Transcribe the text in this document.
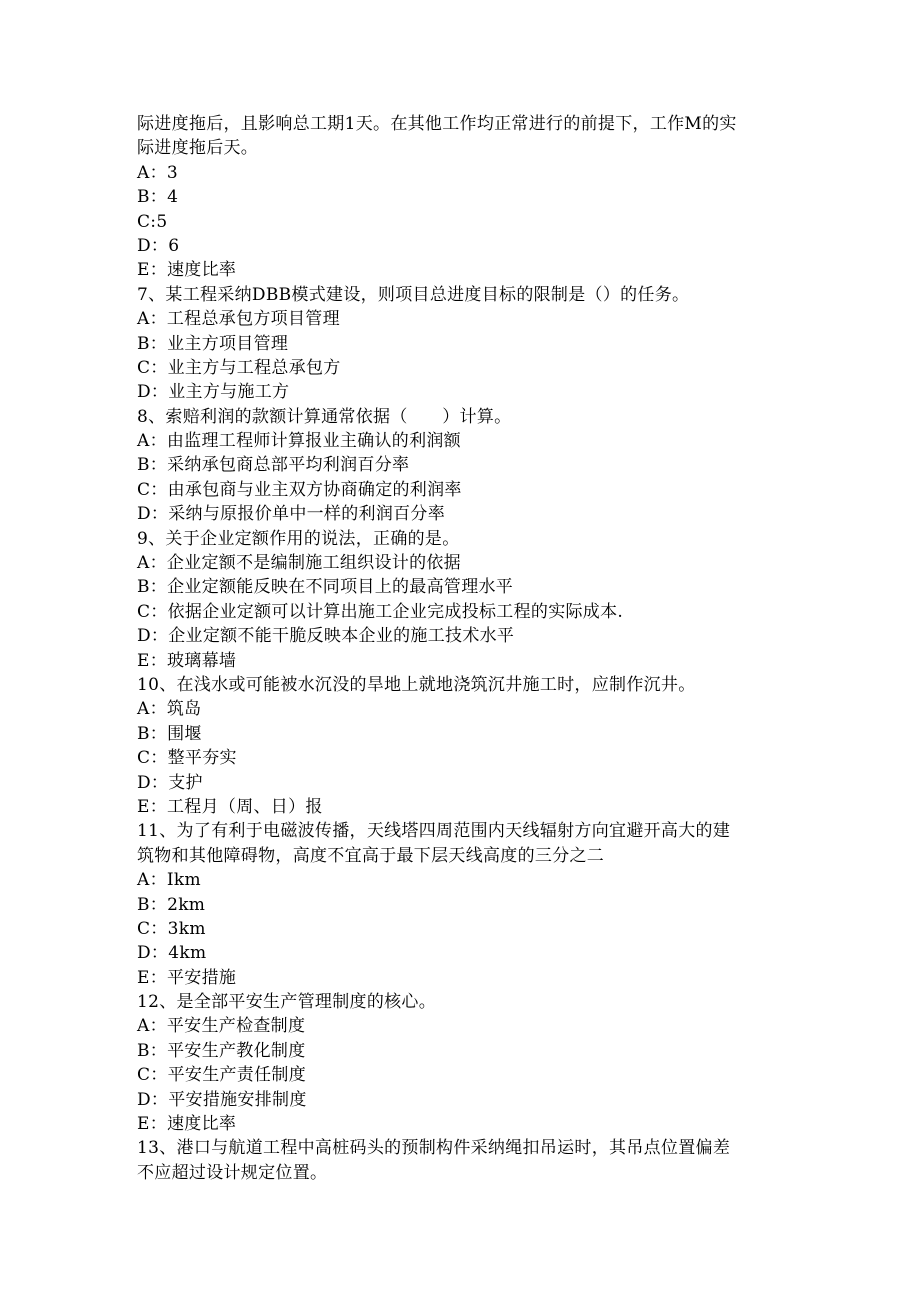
际进度拖后，且影响总工期1天。在其他工作均正常进行的前提下，工作M的实
际进度拖后天。
A：3
B：4
C:5
D：6
E：速度比率
7、某工程采纳DBB模式建设，则项目总进度目标的限制是（）的任务。
A：工程总承包方项目管理
B：业主方项目管理
C：业主方与工程总承包方
D：业主方与施工方
8、索赔利润的款额计算通常依据（　　）计算。
A：由监理工程师计算报业主确认的利润额
B：采纳承包商总部平均利润百分率
C：由承包商与业主双方协商确定的利润率
D：采纳与原报价单中一样的利润百分率
9、关于企业定额作用的说法，正确的是。
A：企业定额不是编制施工组织设计的依据
B：企业定额能反映在不同项目上的最高管理水平
C：依据企业定额可以计算出施工企业完成投标工程的实际成本.
D：企业定额不能干脆反映本企业的施工技术水平
E：玻璃幕墙
10、在浅水或可能被水沉没的旱地上就地浇筑沉井施工时，应制作沉井。
A：筑岛
B：围堰
C：整平夯实
D：支护
E：工程月（周、日）报
11、为了有利于电磁波传播，天线塔四周范围内天线辐射方向宜避开高大的建
筑物和其他障碍物，高度不宜高于最下层天线高度的三分之二
A：Ikm
B：2km
C：3km
D：4km
E：平安措施
12、是全部平安生产管理制度的核心。
A：平安生产检查制度
B：平安生产教化制度
C：平安生产责任制度
D：平安措施安排制度
E：速度比率
13、港口与航道工程中高桩码头的预制构件采纳绳扣吊运时，其吊点位置偏差
不应超过设计规定位置。
